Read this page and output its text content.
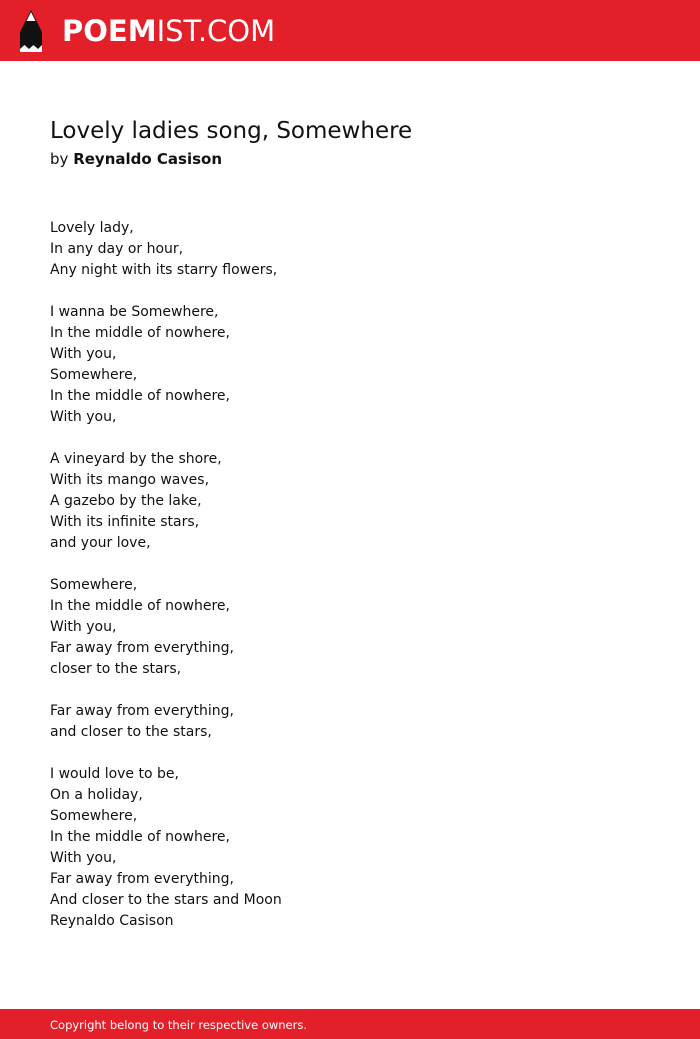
POEMIST.COM
Lovely ladies song, Somewhere
by Reynaldo Casison
Lovely lady,
In any day or hour,
Any night with its starry flowers,
I wanna be Somewhere,
In the middle of nowhere,
With you,
Somewhere,
In the middle of nowhere,
With you,
A vineyard by the shore,
With its mango waves,
A gazebo by the lake,
With its infinite stars,
and your love,
Somewhere,
In the middle of nowhere,
With you,
Far away from everything,
closer to the stars,
Far away from everything,
and closer to the stars,
I would love to be,
On a holiday,
Somewhere,
In the middle of nowhere,
With you,
Far away from everything,
And closer to the stars and Moon
Reynaldo Casison
Copyright belong to their respective owners.
